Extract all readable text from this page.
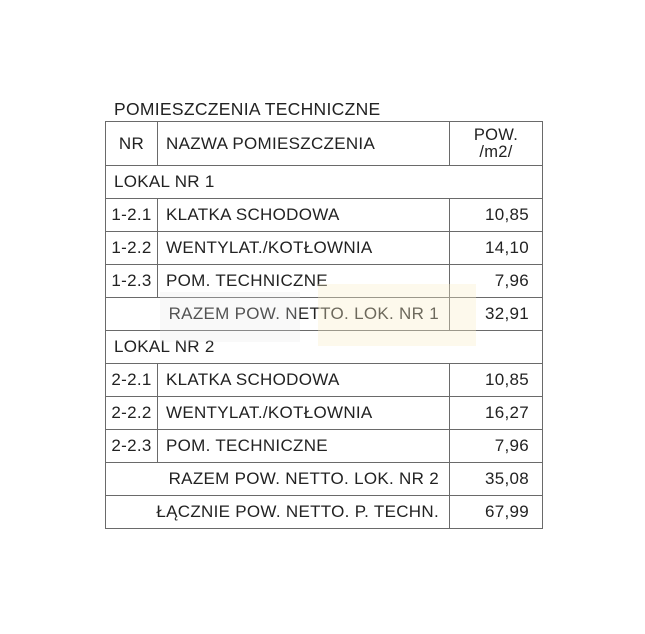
POMIESZCZENIA TECHNICZNE
NR	NAZWA POMIESZCZENIA	POW.
/m2/

LOKAL NR 1		
1-2.1	KLATKA SCHODOWA	10,85
1-2.2	WENTYLAT./KOTŁOWNIA	14,10
1-2.3	POM. TECHNICZNE	7,96
RAZEM POW. NETTO. LOK. NR 1		32,91
LOKAL NR 2		
2-2.1	KLATKA SCHODOWA	10,85
2-2.2	WENTYLAT./KOTŁOWNIA	16,27
2-2.3	POM. TECHNICZNE	7,96
RAZEM POW. NETTO. LOK. NR 2		35,08
ŁĄCZNIE POW. NETTO. P. TECHN.		67,99
